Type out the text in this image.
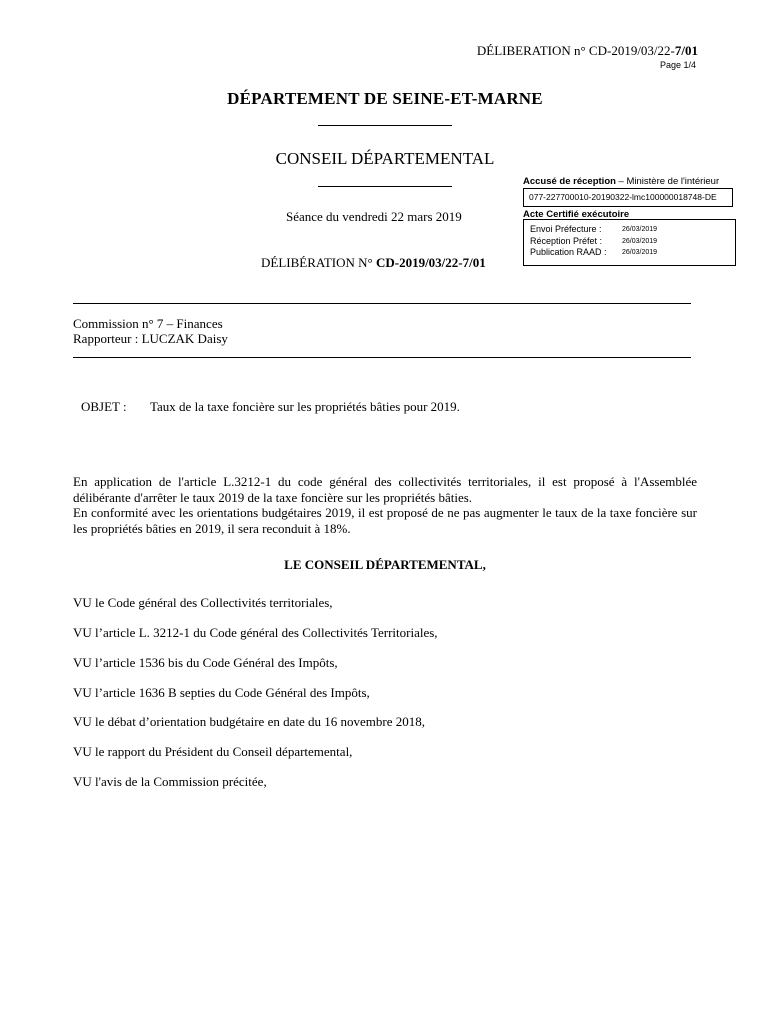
DÉLIBERATION n° CD-2019/03/22-7/01
Page 1/4
DÉPARTEMENT DE SEINE-ET-MARNE
CONSEIL DÉPARTEMENTAL
Séance du vendredi 22 mars 2019
DÉLIBÉRATION N° CD-2019/03/22-7/01
Accusé de réception – Ministère de l'intérieur
077-227700010-20190322-lmc100000018748-DE
Acte Certifié exécutoire
Envoi Préfecture :	26/03/2019
Réception Préfet :	26/03/2019
Publication RAAD :	26/03/2019
Commission n° 7 – Finances
Rapporteur : LUCZAK Daisy
OBJET : Taux de la taxe foncière sur les propriétés bâties pour 2019.
En application de l'article L.3212-1 du code général des collectivités territoriales, il est proposé à l'Assemblée délibérante d'arrêter le taux 2019 de la taxe foncière sur les propriétés bâties.
En conformité avec les orientations budgétaires 2019, il est proposé de ne pas augmenter le taux de la taxe foncière sur les propriétés bâties en 2019, il sera reconduit à 18%.
LE CONSEIL DÉPARTEMENTAL,
VU le Code général des Collectivités territoriales,
VU l’article L. 3212-1 du Code général des Collectivités Territoriales,
VU l’article 1536 bis du Code Général des Impôts,
VU l’article 1636 B septies du Code Général des Impôts,
VU le débat d’orientation budgétaire en date du 16 novembre 2018,
VU le rapport du Président du Conseil départemental,
VU l'avis de la Commission précitée,
